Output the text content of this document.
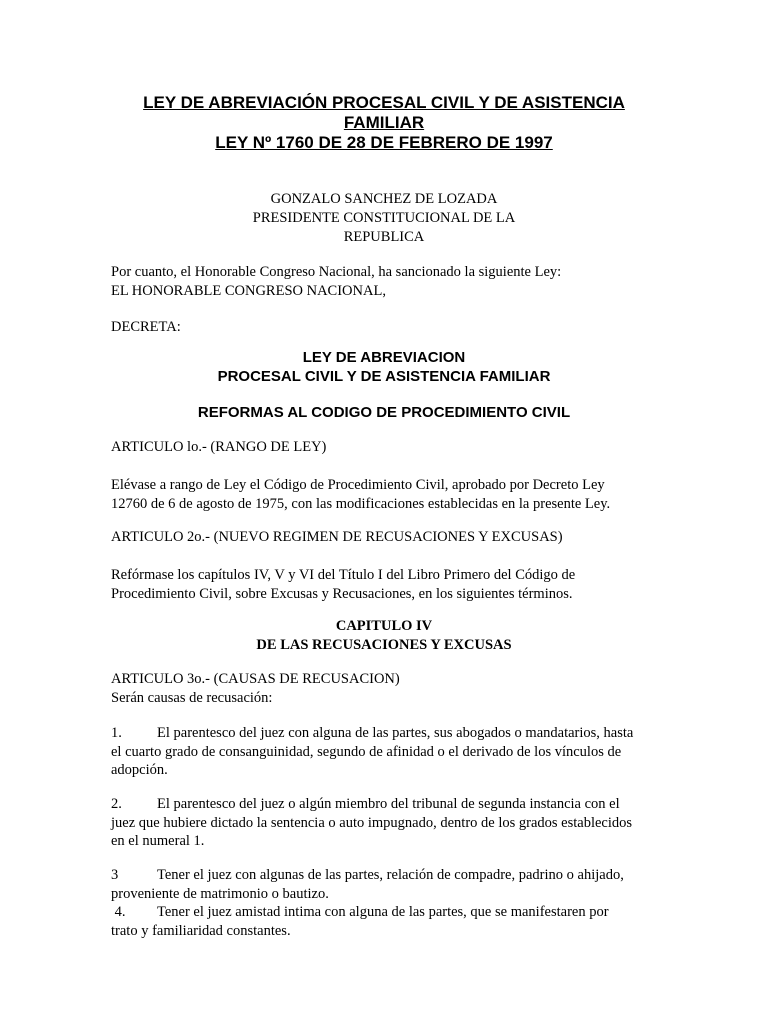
LEY DE ABREVIACIÓN PROCESAL CIVIL Y DE ASISTENCIA
FAMILIAR
LEY Nº 1760 DE 28 DE FEBRERO DE 1997
GONZALO SANCHEZ DE LOZADA
PRESIDENTE CONSTITUCIONAL DE LA
REPUBLICA
Por cuanto, el Honorable Congreso Nacional, ha sancionado la siguiente Ley:
EL HONORABLE CONGRESO NACIONAL,
DECRETA:
LEY DE ABREVIACION
PROCESAL CIVIL Y DE ASISTENCIA FAMILIAR
REFORMAS AL CODIGO DE PROCEDIMIENTO CIVIL
ARTICULO lo.- (RANGO DE LEY)
Elévase a rango de Ley el Código de Procedimiento Civil, aprobado por Decreto Ley
12760 de 6 de agosto de 1975, con las modificaciones establecidas en la presente Ley.
ARTICULO 2o.- (NUEVO REGIMEN DE RECUSACIONES Y EXCUSAS)
Refórmase los capítulos IV, V y VI del Título I del Libro Primero del Código de
Procedimiento Civil, sobre Excusas y Recusaciones, en los siguientes términos.
CAPITULO IV
DE LAS RECUSACIONES Y EXCUSAS
ARTICULO 3o.- (CAUSAS DE RECUSACION)
Serán causas de recusación:
1. El parentesco del juez con alguna de las partes, sus abogados o mandatarios, hasta
el cuarto grado de consanguinidad, segundo de afinidad o el derivado de los vínculos de
adopción.
2. El parentesco del juez o algún miembro del tribunal de segunda instancia con el
juez que hubiere dictado la sentencia o auto impugnado, dentro de los grados establecidos
en el numeral 1.
3	Tener el juez con algunas de las partes, relación de compadre, padrino o ahijado,
proveniente de matrimonio o bautizo.
4. Tener el juez amistad intima con alguna de las partes, que se manifestaren por
trato y familiaridad constantes.
